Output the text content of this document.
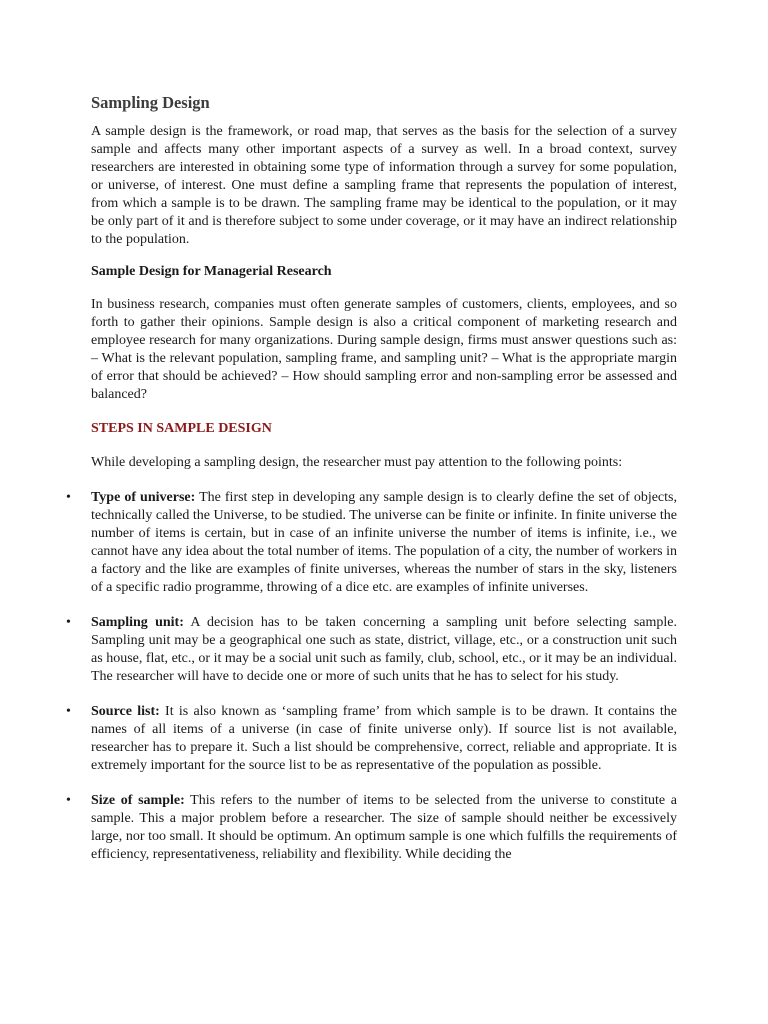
Sampling Design

A sample design is the framework, or road map, that serves as the basis for the selection of a survey sample and affects many other important aspects of a survey as well. In a broad context, survey researchers are interested in obtaining some type of information through a survey for some population, or universe, of interest. One must define a sampling frame that represents the population of interest, from which a sample is to be drawn. The sampling frame may be identical to the population, or it may be only part of it and is therefore subject to some under coverage, or it may have an indirect relationship to the population.

Sample Design for Managerial Research

In business research, companies must often generate samples of customers, clients, employees, and so forth to gather their opinions. Sample design is also a critical component of marketing research and employee research for many organizations. During sample design, firms must answer questions such as: – What is the relevant population, sampling frame, and sampling unit? – What is the appropriate margin of error that should be achieved? – How should sampling error and non-sampling error be assessed and balanced?

STEPS IN SAMPLE DESIGN

While developing a sampling design, the researcher must pay attention to the following points:

• Type of universe: The first step in developing any sample design is to clearly define the set of objects, technically called the Universe, to be studied. The universe can be finite or infinite. In finite universe the number of items is certain, but in case of an infinite universe the number of items is infinite, i.e., we cannot have any idea about the total number of items. The population of a city, the number of workers in a factory and the like are examples of finite universes, whereas the number of stars in the sky, listeners of a specific radio programme, throwing of a dice etc. are examples of infinite universes.

• Sampling unit: A decision has to be taken concerning a sampling unit before selecting sample. Sampling unit may be a geographical one such as state, district, village, etc., or a construction unit such as house, flat, etc., or it may be a social unit such as family, club, school, etc., or it may be an individual. The researcher will have to decide one or more of such units that he has to select for his study.

• Source list: It is also known as ‘sampling frame’ from which sample is to be drawn. It contains the names of all items of a universe (in case of finite universe only). If source list is not available, researcher has to prepare it. Such a list should be comprehensive, correct, reliable and appropriate. It is extremely important for the source list to be as representative of the population as possible.

• Size of sample: This refers to the number of items to be selected from the universe to constitute a sample. This a major problem before a researcher. The size of sample should neither be excessively large, nor too small. It should be optimum. An optimum sample is one which fulfills the requirements of efficiency, representativeness, reliability and flexibility. While deciding the
